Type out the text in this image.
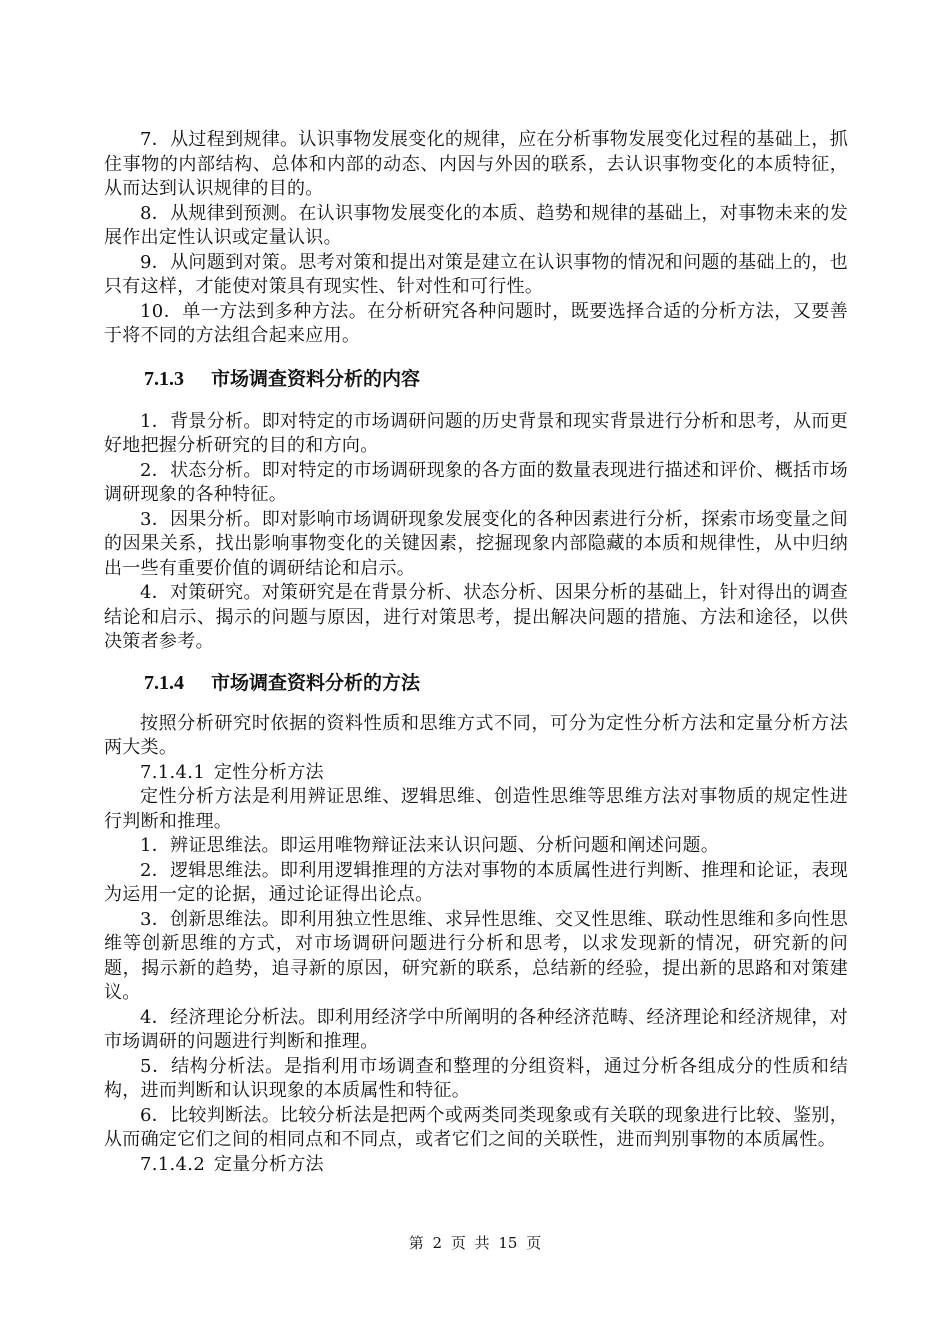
7．从过程到规律。认识事物发展变化的规律，应在分析事物发展变化过程的基础上，抓住事物的内部结构、总体和内部的动态、内因与外因的联系，去认识事物变化的本质特征，从而达到认识规律的目的。

8．从规律到预测。在认识事物发展变化的本质、趋势和规律的基础上，对事物未来的发展作出定性认识或定量认识。

9．从问题到对策。思考对策和提出对策是建立在认识事物的情况和问题的基础上的，也只有这样，才能使对策具有现实性、针对性和可行性。

10．单一方法到多种方法。在分析研究各种问题时，既要选择合适的分析方法，又要善于将不同的方法组合起来应用。

7.1.3 市场调查资料分析的内容

1．背景分析。即对特定的市场调研问题的历史背景和现实背景进行分析和思考，从而更好地把握分析研究的目的和方向。

2．状态分析。即对特定的市场调研现象的各方面的数量表现进行描述和评价、概括市场调研现象的各种特征。

3．因果分析。即对影响市场调研现象发展变化的各种因素进行分析，探索市场变量之间的因果关系，找出影响事物变化的关键因素，挖掘现象内部隐藏的本质和规律性，从中归纳出一些有重要价值的调研结论和启示。

4．对策研究。对策研究是在背景分析、状态分析、因果分析的基础上，针对得出的调查结论和启示、揭示的问题与原因，进行对策思考，提出解决问题的措施、方法和途径，以供决策者参考。

7.1.4 市场调查资料分析的方法

按照分析研究时依据的资料性质和思维方式不同，可分为定性分析方法和定量分析方法两大类。

7.1.4.1 定性分析方法

定性分析方法是利用辨证思维、逻辑思维、创造性思维等思维方法对事物质的规定性进行判断和推理。

1．辨证思维法。即运用唯物辩证法来认识问题、分析问题和阐述问题。

2．逻辑思维法。即利用逻辑推理的方法对事物的本质属性进行判断、推理和论证，表现为运用一定的论据，通过论证得出论点。

3．创新思维法。即利用独立性思维、求异性思维、交叉性思维、联动性思维和多向性思维等创新思维的方式，对市场调研问题进行分析和思考，以求发现新的情况，研究新的问题，揭示新的趋势，追寻新的原因，研究新的联系，总结新的经验，提出新的思路和对策建议。

4．经济理论分析法。即利用经济学中所阐明的各种经济范畴、经济理论和经济规律，对市场调研的问题进行判断和推理。

5．结构分析法。是指利用市场调查和整理的分组资料，通过分析各组成分的性质和结构，进而判断和认识现象的本质属性和特征。

6．比较判断法。比较分析法是把两个或两类同类现象或有关联的现象进行比较、鉴别，从而确定它们之间的相同点和不同点，或者它们之间的关联性，进而判别事物的本质属性。

7.1.4.2 定量分析方法

第 2 页 共 15 页
